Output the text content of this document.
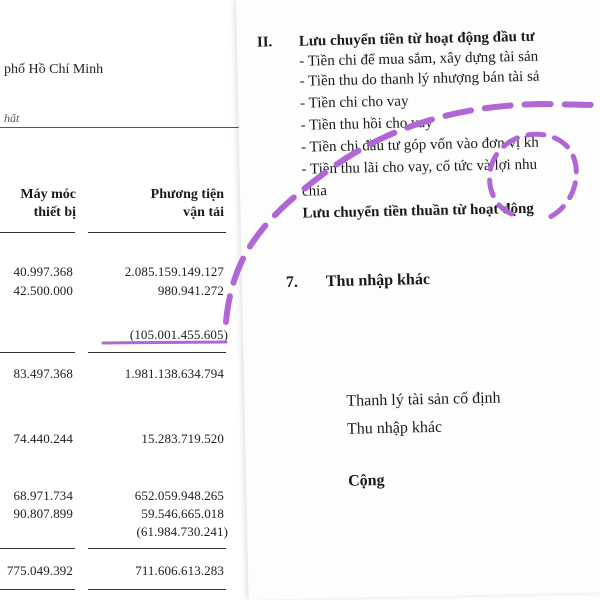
phố Hồ Chí Minh
hất
Máy móc
thiết bị
Phương tiện
vận tải
40.997.368
42.500.000
83.497.368
74.440.244
68.971.734
90.807.899
775.049.392
2.085.159.149.127
980.941.272
(105.001.455.605)
1.981.138.634.794
15.283.719.520
652.059.948.265
59.546.665.018
(61.984.730.241)
711.606.613.283
II. Lưu chuyển tiền từ hoạt động đầu tư
- Tiền chi để mua sắm, xây dựng tài sản
- Tiền thu do thanh lý nhượng bán tài sả
- Tiền chi cho vay
- Tiền thu hồi cho vay
- Tiền chi đầu tư góp vốn vào đơn vị kh
- Tiền thu lãi cho vay, cổ tức và lợi nhu
chia
Lưu chuyển tiền thuần từ hoạt động
7. Thu nhập khác
Thanh lý tài sản cố định
Thu nhập khác
Cộng
